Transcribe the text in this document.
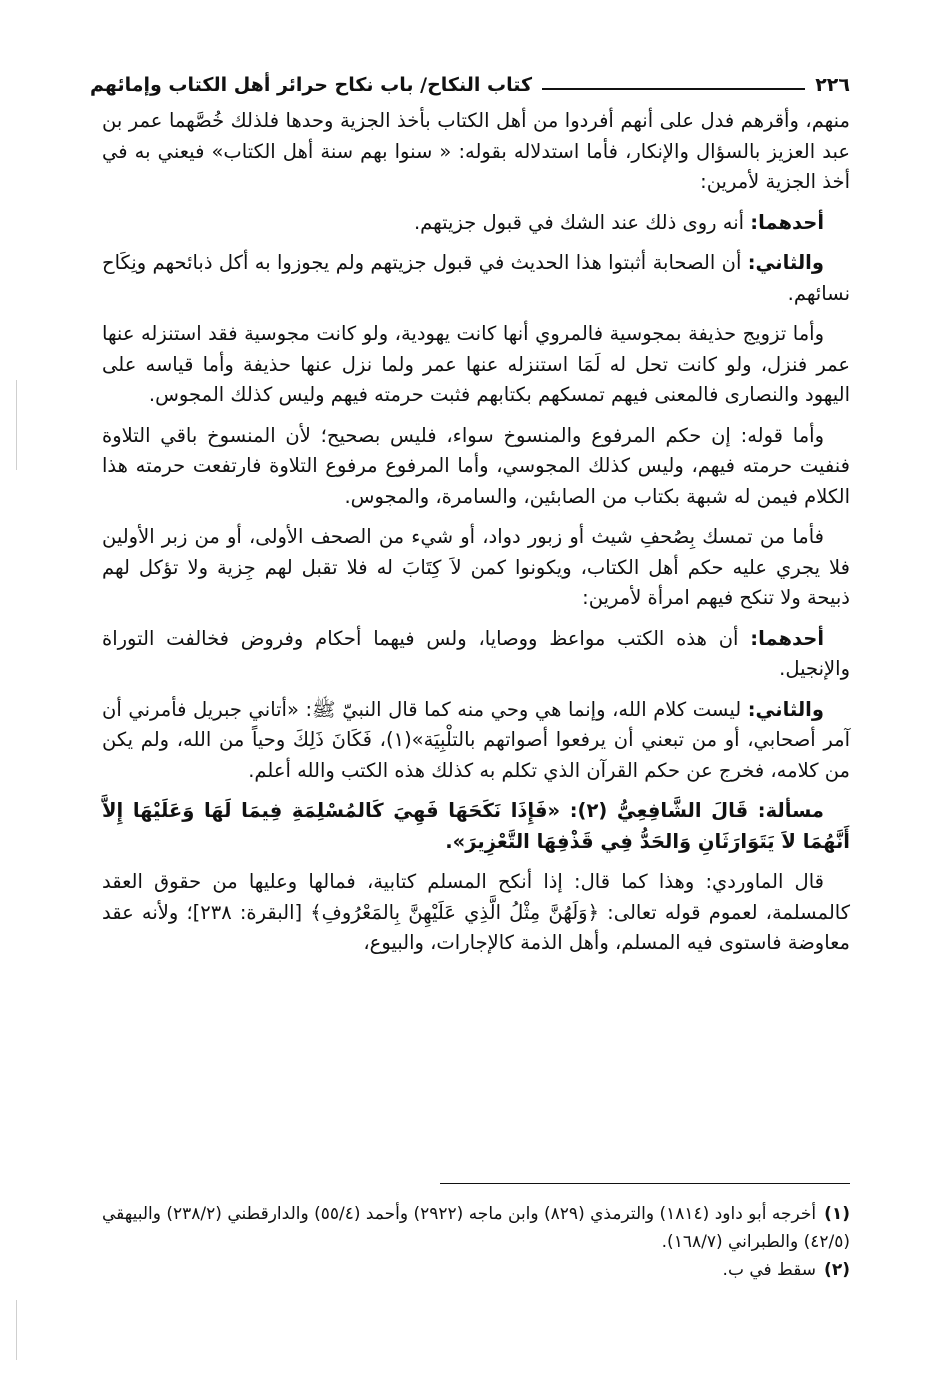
٢٢٦
كتاب النكاح/ باب نكاح حرائر أهل الكتاب وإمائهم

منهم، وأقرهم فدل على أنهم أفردوا من أهل الكتاب بأخذ الجزية وحدها فلذلك خُصَّهما عمر بن عبد العزيز بالسؤال والإنكار، فأما استدلاله بقوله: « سنوا بهم سنة أهل الكتاب» فيعني به في أخذ الجزية لأمرين:

أحدهما: أنه روى ذلك عند الشك في قبول جزيتهم.

والثاني: أن الصحابة أثبتوا هذا الحديث في قبول جزيتهم ولم يجوزوا به أكل ذبائحهم ونِكَاح نسائهم.

وأما تزويج حذيفة بمجوسية فالمروي أنها كانت يهودية، ولو كانت مجوسية فقد استنزله عنها عمر فنزل، ولو كانت تحل له لَمَا استنزله عنها عمر ولما نزل عنها حذيفة وأما قياسه على اليهود والنصارى فالمعنى فيهم تمسكهم بكتابهم فثبت حرمته فيهم وليس كذلك المجوس.

وأما قوله: إن حكم المرفوع والمنسوخ سواء، فليس بصحيح؛ لأن المنسوخ باقي التلاوة فنفيت حرمته فيهم، وليس كذلك المجوسي، وأما المرفوع مرفوع التلاوة فارتفعت حرمته هذا الكلام فيمن له شبهة بكتاب من الصابئين، والسامرة، والمجوس.

فأما من تمسك بِصُحفِ شيث أو زبور دواد، أو شيء من الصحف الأولى، أو من زبر الأولين فلا يجري عليه حكم أهل الكتاب، ويكونوا كمن لاَ كِتَابَ له فلا تقبل لهم جِزية ولا تؤكل لهم ذبيحة ولا تنكح فيهم امرأة لأمرين:

أحدهما: أن هذه الكتب مواعظ ووصايا، ولس فيهما أحكام وفروض فخالفت التوراة والإنجيل.

والثاني: ليست كلام الله، وإنما هي وحي منه كما قال النبيّ ﷺ: «أتاني جبريل فأمرني أن آمر أصحابي، أو من تبعني أن يرفعوا أصواتهم بالتلْبِيَة»(١)، فَكَانَ ذَلِكَ وحياً من الله، ولم يكن من كلامه، فخرج عن حكم القرآن الذي تكلم به كذلك هذه الكتب والله أعلم.

مسألة: قَالَ الشَّافِعِيُّ (٢): «فَإِذَا نَكَحَهَا فَهِيَ كَالمُسْلِمَةِ فِيمَا لَهَا وَعَلَيْهَا إِلاَّ أَنَّهُمَا لاَ يَتَوَارَثَانِ وَالحَدُّ فِي قَذْفِهَا التَّعْزِيرَ».

قال الماوردي: وهذا كما قال: إذا أنكح المسلم كتابية، فمالها وعليها من حقوق العقد كالمسلمة، لعموم قوله تعالى: ﴿وَلَهُنَّ مِثْلُ الَّذِي عَلَيْهِنَّ بِالمَعْرُوفِ﴾ [البقرة: ٢٣٨]؛ ولأنه عقد معاوضة فاستوى فيه المسلم، وأهل الذمة كالإجارات، والبيوع،

(١)أخرجه أبو داود (١٨١٤) والترمذي (٨٢٩) وابن ماجه (٢٩٢٢) وأحمد (٥٥/٤) والدارقطني (٢٣٨/٢) والبيهقي (٤٢/٥) والطبراني (١٦٨/٧).

(٢)سقط في ب.
